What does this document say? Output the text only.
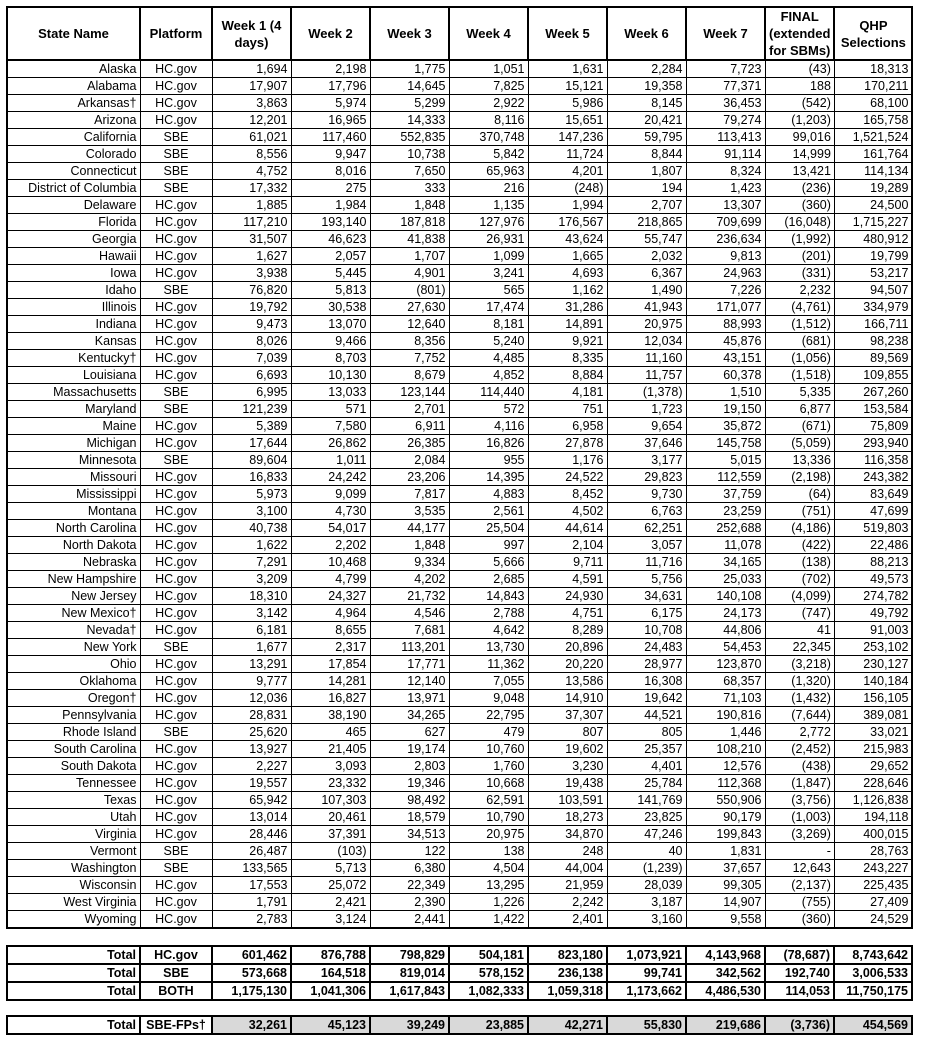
State Name	Platform	Week 1 (4 days)	Week 2	Week 3	Week 4	Week 5	Week 6	Week 7	FINAL (extended for SBMs)	QHP Selections
Alaska	HC.gov	1,694	2,198	1,775	1,051	1,631	2,284	7,723	(43)	18,313
Alabama	HC.gov	17,907	17,796	14,645	7,825	15,121	19,358	77,371	188	170,211
Arkansas†	HC.gov	3,863	5,974	5,299	2,922	5,986	8,145	36,453	(542)	68,100
Arizona	HC.gov	12,201	16,965	14,333	8,116	15,651	20,421	79,274	(1,203)	165,758
California	SBE	61,021	117,460	552,835	370,748	147,236	59,795	113,413	99,016	1,521,524
Colorado	SBE	8,556	9,947	10,738	5,842	11,724	8,844	91,114	14,999	161,764
Connecticut	SBE	4,752	8,016	7,650	65,963	4,201	1,807	8,324	13,421	114,134
District of Columbia	SBE	17,332	275	333	216	(248)	194	1,423	(236)	19,289
Delaware	HC.gov	1,885	1,984	1,848	1,135	1,994	2,707	13,307	(360)	24,500
Florida	HC.gov	117,210	193,140	187,818	127,976	176,567	218,865	709,699	(16,048)	1,715,227
Georgia	HC.gov	31,507	46,623	41,838	26,931	43,624	55,747	236,634	(1,992)	480,912
Hawaii	HC.gov	1,627	2,057	1,707	1,099	1,665	2,032	9,813	(201)	19,799
Iowa	HC.gov	3,938	5,445	4,901	3,241	4,693	6,367	24,963	(331)	53,217
Idaho	SBE	76,820	5,813	(801)	565	1,162	1,490	7,226	2,232	94,507
Illinois	HC.gov	19,792	30,538	27,630	17,474	31,286	41,943	171,077	(4,761)	334,979
Indiana	HC.gov	9,473	13,070	12,640	8,181	14,891	20,975	88,993	(1,512)	166,711
Kansas	HC.gov	8,026	9,466	8,356	5,240	9,921	12,034	45,876	(681)	98,238
Kentucky†	HC.gov	7,039	8,703	7,752	4,485	8,335	11,160	43,151	(1,056)	89,569
Louisiana	HC.gov	6,693	10,130	8,679	4,852	8,884	11,757	60,378	(1,518)	109,855
Massachusetts	SBE	6,995	13,033	123,144	114,440	4,181	(1,378)	1,510	5,335	267,260
Maryland	SBE	121,239	571	2,701	572	751	1,723	19,150	6,877	153,584
Maine	HC.gov	5,389	7,580	6,911	4,116	6,958	9,654	35,872	(671)	75,809
Michigan	HC.gov	17,644	26,862	26,385	16,826	27,878	37,646	145,758	(5,059)	293,940
Minnesota	SBE	89,604	1,011	2,084	955	1,176	3,177	5,015	13,336	116,358
Missouri	HC.gov	16,833	24,242	23,206	14,395	24,522	29,823	112,559	(2,198)	243,382
Mississippi	HC.gov	5,973	9,099	7,817	4,883	8,452	9,730	37,759	(64)	83,649
Montana	HC.gov	3,100	4,730	3,535	2,561	4,502	6,763	23,259	(751)	47,699
North Carolina	HC.gov	40,738	54,017	44,177	25,504	44,614	62,251	252,688	(4,186)	519,803
North Dakota	HC.gov	1,622	2,202	1,848	997	2,104	3,057	11,078	(422)	22,486
Nebraska	HC.gov	7,291	10,468	9,334	5,666	9,711	11,716	34,165	(138)	88,213
New Hampshire	HC.gov	3,209	4,799	4,202	2,685	4,591	5,756	25,033	(702)	49,573
New Jersey	HC.gov	18,310	24,327	21,732	14,843	24,930	34,631	140,108	(4,099)	274,782
New Mexico†	HC.gov	3,142	4,964	4,546	2,788	4,751	6,175	24,173	(747)	49,792
Nevada†	HC.gov	6,181	8,655	7,681	4,642	8,289	10,708	44,806	41	91,003
New York	SBE	1,677	2,317	113,201	13,730	20,896	24,483	54,453	22,345	253,102
Ohio	HC.gov	13,291	17,854	17,771	11,362	20,220	28,977	123,870	(3,218)	230,127
Oklahoma	HC.gov	9,777	14,281	12,140	7,055	13,586	16,308	68,357	(1,320)	140,184
Oregon†	HC.gov	12,036	16,827	13,971	9,048	14,910	19,642	71,103	(1,432)	156,105
Pennsylvania	HC.gov	28,831	38,190	34,265	22,795	37,307	44,521	190,816	(7,644)	389,081
Rhode Island	SBE	25,620	465	627	479	807	805	1,446	2,772	33,021
South Carolina	HC.gov	13,927	21,405	19,174	10,760	19,602	25,357	108,210	(2,452)	215,983
South Dakota	HC.gov	2,227	3,093	2,803	1,760	3,230	4,401	12,576	(438)	29,652
Tennessee	HC.gov	19,557	23,332	19,346	10,668	19,438	25,784	112,368	(1,847)	228,646
Texas	HC.gov	65,942	107,303	98,492	62,591	103,591	141,769	550,906	(3,756)	1,126,838
Utah	HC.gov	13,014	20,461	18,579	10,790	18,273	23,825	90,179	(1,003)	194,118
Virginia	HC.gov	28,446	37,391	34,513	20,975	34,870	47,246	199,843	(3,269)	400,015
Vermont	SBE	26,487	(103)	122	138	248	40	1,831	-	28,763
Washington	SBE	133,565	5,713	6,380	4,504	44,004	(1,239)	37,657	12,643	243,227
Wisconsin	HC.gov	17,553	25,072	22,349	13,295	21,959	28,039	99,305	(2,137)	225,435
West Virginia	HC.gov	1,791	2,421	2,390	1,226	2,242	3,187	14,907	(755)	27,409
Wyoming	HC.gov	2,783	3,124	2,441	1,422	2,401	3,160	9,558	(360)	24,529
Total	HC.gov	601,462	876,788	798,829	504,181	823,180	1,073,921	4,143,968	(78,687)	8,743,642
Total	SBE	573,668	164,518	819,014	578,152	236,138	99,741	342,562	192,740	3,006,533
Total	BOTH	1,175,130	1,041,306	1,617,843	1,082,333	1,059,318	1,173,662	4,486,530	114,053	11,750,175
Total	SBE-FPs†	32,261	45,123	39,249	23,885	42,271	55,830	219,686	(3,736)	454,569
